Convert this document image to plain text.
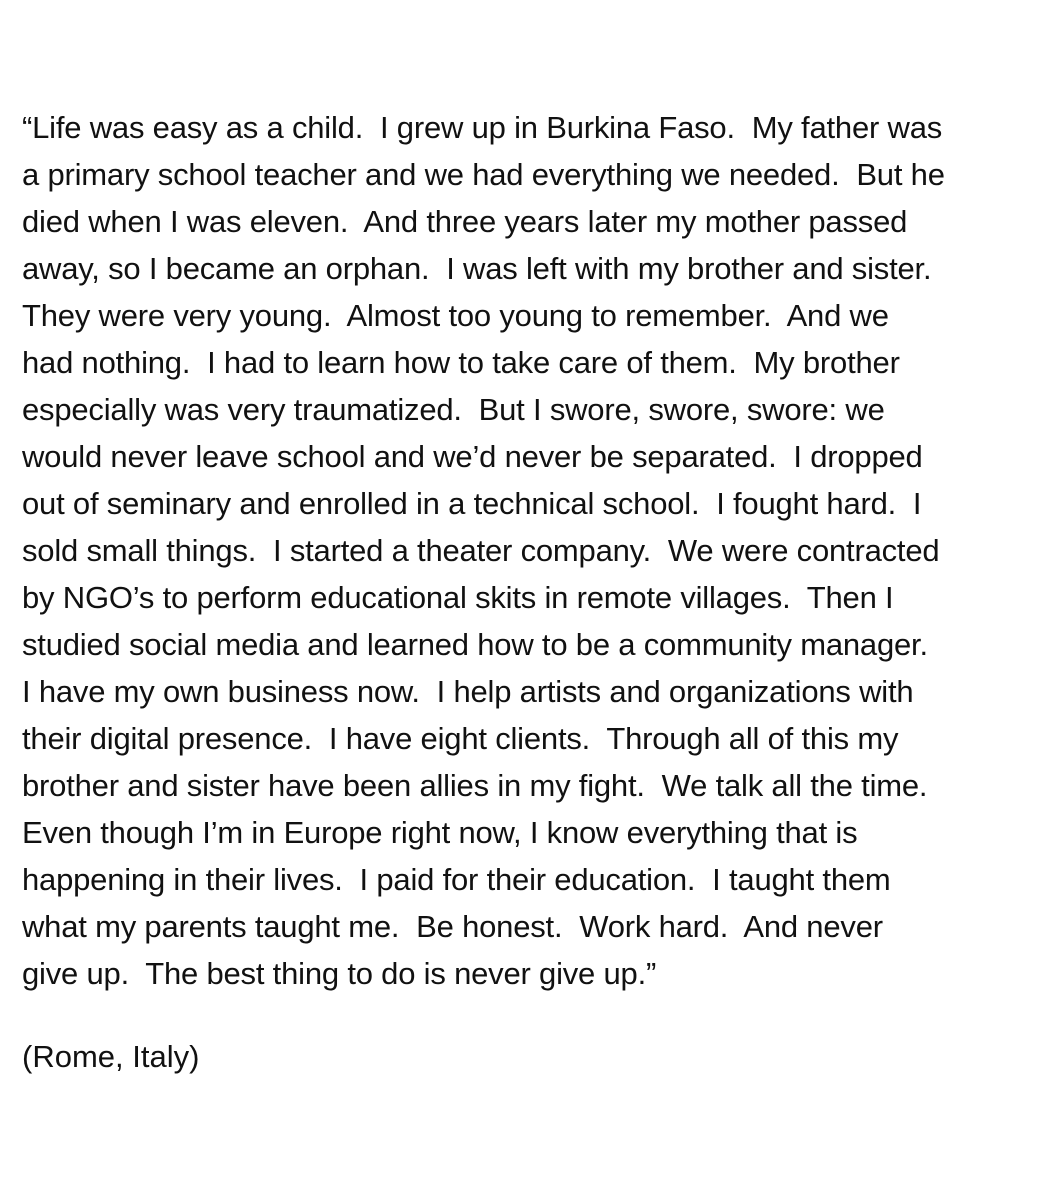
“Life was easy as a child.  I grew up in Burkina Faso.  My father was
a primary school teacher and we had everything we needed.  But he
died when I was eleven.  And three years later my mother passed
away, so I became an orphan.  I was left with my brother and sister.
They were very young.  Almost too young to remember.  And we
had nothing.  I had to learn how to take care of them.  My brother
especially was very traumatized.  But I swore, swore, swore: we
would never leave school and we’d never be separated.  I dropped
out of seminary and enrolled in a technical school.  I fought hard.  I
sold small things.  I started a theater company.  We were contracted
by NGO’s to perform educational skits in remote villages.  Then I
studied social media and learned how to be a community manager.
I have my own business now.  I help artists and organizations with
their digital presence.  I have eight clients.  Through all of this my
brother and sister have been allies in my fight.  We talk all the time.
Even though I’m in Europe right now, I know everything that is
happening in their lives.  I paid for their education.  I taught them
what my parents taught me.  Be honest.  Work hard.  And never
give up.  The best thing to do is never give up.”
(Rome, Italy)
